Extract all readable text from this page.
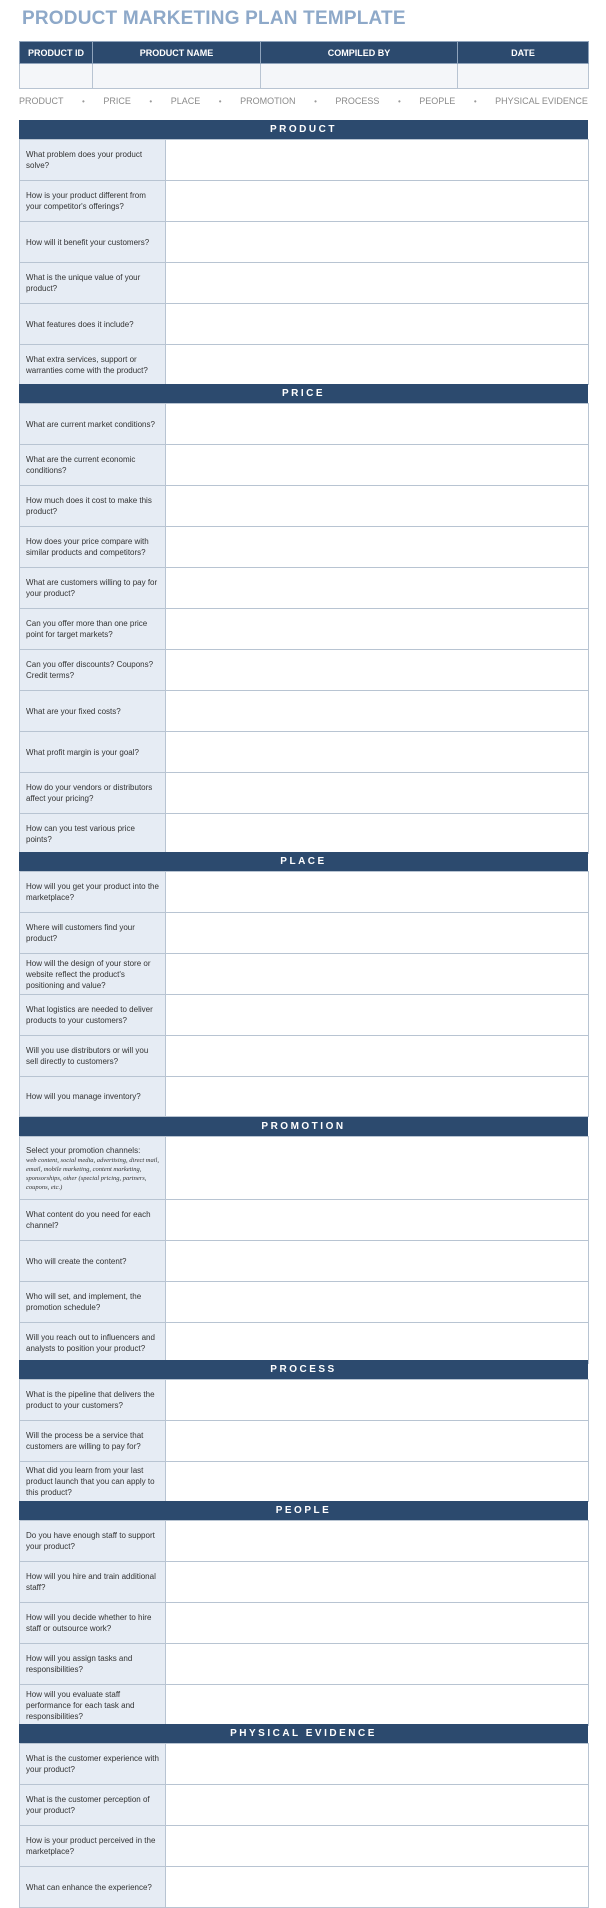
PRODUCT MARKETING PLAN TEMPLATE
PRODUCT ID	PRODUCT NAME	COMPILED BY	DATE

PRODUCT • PRICE • PLACE • PROMOTION • PROCESS • PEOPLE • PHYSICAL EVIDENCE
PRODUCT
What problem does your product solve?	
How is your product different from your competitor's offerings?	
How will it benefit your customers?	
What is the unique value of your product?	
What features does it include?	
What extra services, support or warranties come with the product?	
PRICE
What are current market conditions?	
What are the current economic conditions?	
How much does it cost to make this product?	
How does your price compare with similar products and competitors?	
What are customers willing to pay for your product?	
Can you offer more than one price point for target markets?	
Can you offer discounts? Coupons? Credit terms?	
What are your fixed costs?	
What profit margin is your goal?	
How do your vendors or distributors affect your pricing?	
How can you test various price points?	
PLACE
How will you get your product into the marketplace?	
Where will customers find your product?	
How will the design of your store or website reflect the product's positioning and value?	
What logistics are needed to deliver products to your customers?	
Will you use distributors or will you sell directly to customers?	
How will you manage inventory?	
PROMOTION
Select your promotion channels:
web content, social media, advertising, direct mail, email, mobile marketing, content marketing, sponsorships, other (special pricing, partners, coupons, etc.)	

What content do you need for each channel?	
Who will create the content?	
Who will set, and implement, the promotion schedule?	
Will you reach out to influencers and analysts to position your product?	
PROCESS
What is the pipeline that delivers the product to your customers?	
Will the process be a service that customers are willing to pay for?	
What did you learn from your last product launch that you can apply to this product?	
PEOPLE
Do you have enough staff to support your product?	
How will you hire and train additional staff?	
How will you decide whether to hire staff or outsource work?	
How will you assign tasks and responsibilities?	
How will you evaluate staff performance for each task and responsibilities?	
PHYSICAL EVIDENCE
What is the customer experience with your product?	
What is the customer perception of your product?	
How is your product perceived in the marketplace?	
What can enhance the experience?	
